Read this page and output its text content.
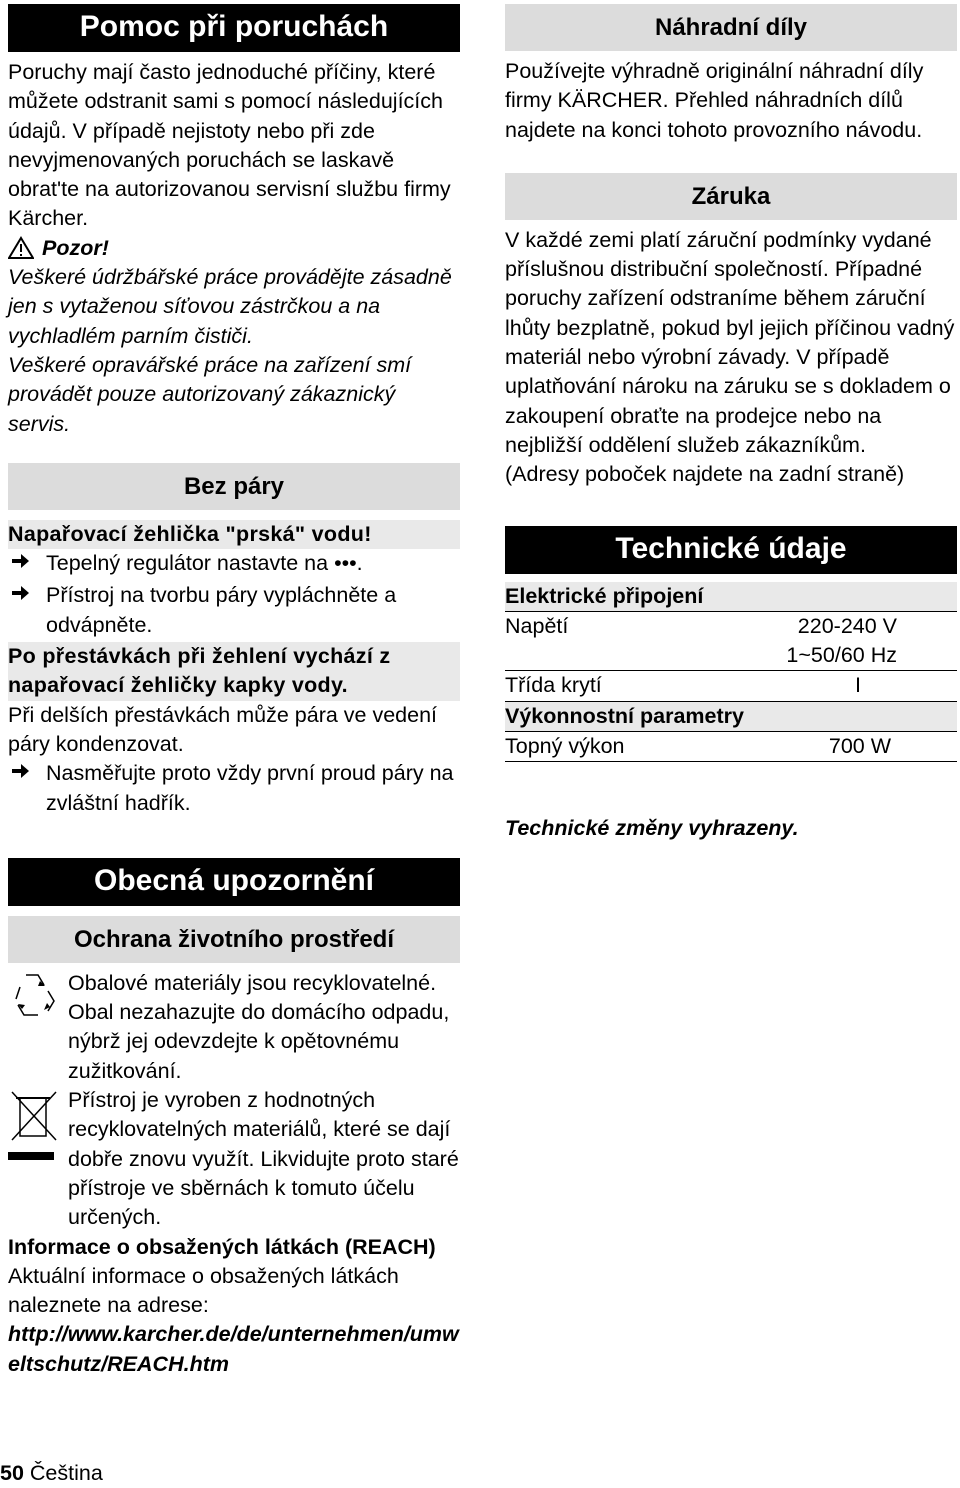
Pomoc při poruchách

Poruchy mají často jednoduché příčiny, které můžete odstranit sami s pomocí následujících údajů. V případě nejistoty nebo při zde nevyjmenovaných poruchách se laskavě obrat'te na autorizovanou servisní službu firmy Kärcher.

Pozor!

Veškeré údržbářské práce provádějte zásadně jen s vytaženou síťovou zástrčkou a na vychladlém parním čističi.

Veškeré opravářské práce na zařízení smí provádět pouze autorizovaný zákaznický servis.

Bez páry

Napařovací žehlička "prská" vodu!

Tepelný regulátor nastavte na •••.
Přístroj na tvorbu páry vypláchněte a odvápněte.

Po přestávkách při žehlení vychází z napařovací žehličky kapky vody.

Při delších přestávkách může pára ve vedení páry kondenzovat.

Nasměřujte proto vždy první proud páry na zvláštní hadřík.
Obecná upozornění
Ochrana životního prostředí

Obalové materiály jsou recyklovatelné. Obal nezahazujte do domácího odpadu, nýbrž jej odevzdejte k opětovnému zužitkování.

Přístroj je vyroben z hodnotných recyklovatelných materiálů, které se dají dobře znovu využít. Likvidujte proto staré přístroje ve sběrnách k tomuto účelu určených.

Informace o obsažených látkách (REACH)

Aktuální informace o obsažených látkách naleznete na adrese:

http://www.karcher.de/de/unternehmen/umweltschutz/REACH.htm

Náhradní díly

Používejte výhradně originální náhradní díly firmy KÄRCHER. Přehled náhradních dílů najdete na konci tohoto provozního návodu.

Záruka

V každé zemi platí záruční podmínky vydané příslušnou distribuční společností. Případné poruchy zařízení odstraníme během záruční lhůty bezplatně, pokud byl jejich příčinou vadný materiál nebo výrobní závady. V případě uplatňování nároku na záruku se s dokladem o zakoupení obraťte na prodejce nebo na nejbližší oddělení služeb zákazníkům.

(Adresy poboček najdete na zadní straně)

Technické údaje
Elektrické připojení	
Napětí	220-240 V
	1~50/60 Hz
Třída krytí	I
Výkonnostní parametry	
Topný výkon	700 W

Technické změny vyhrazeny.

50 Čeština
